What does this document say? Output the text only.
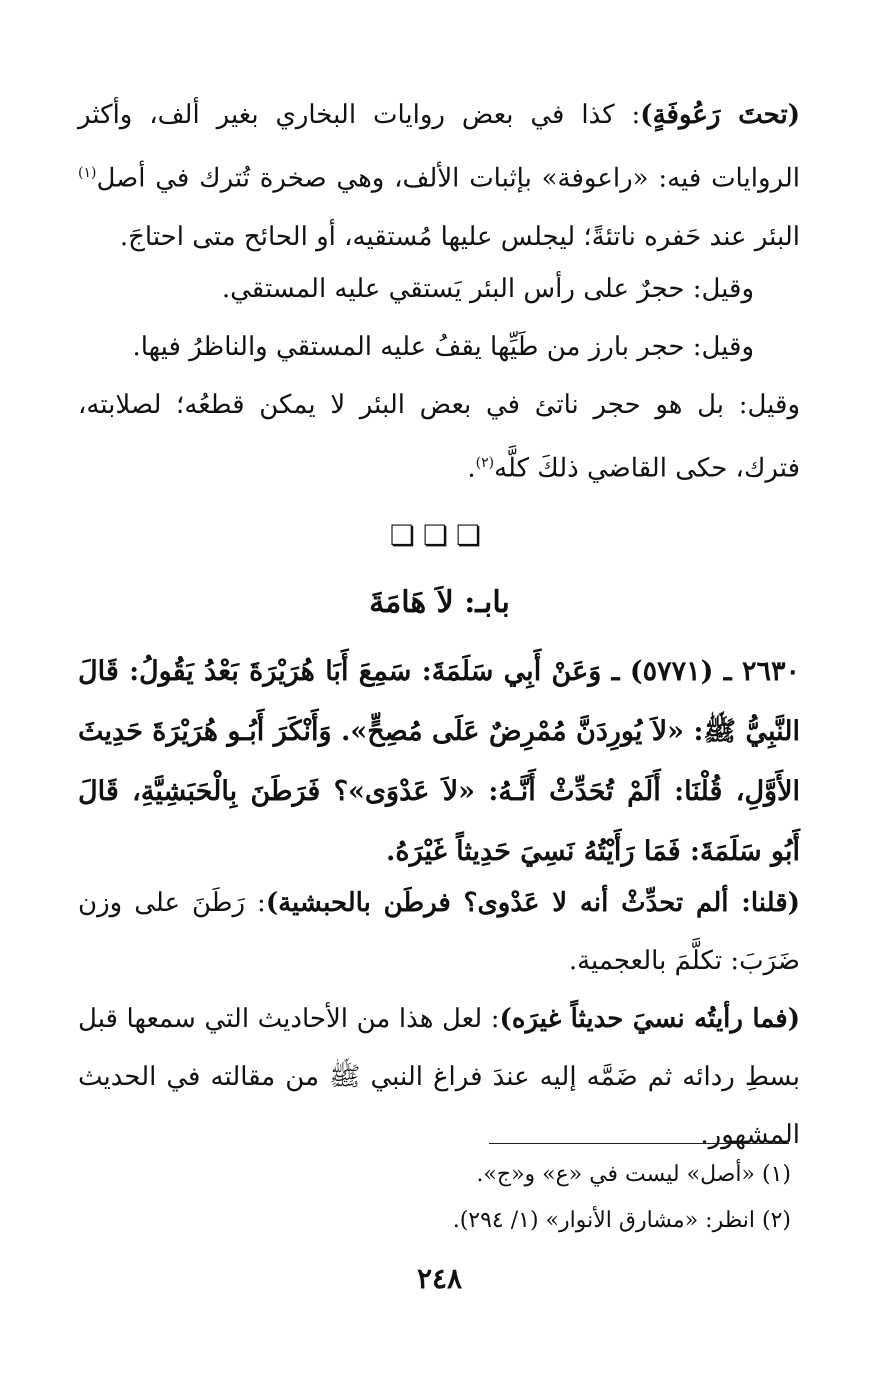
(تحتَ رَعُوفَةٍ): كذا في بعض روايات البخاري بغير ألف، وأكثر الروايات فيه: «راعوفة» بإثبات الألف، وهي صخرة تُترك في أصل$^{(١)}$ البئر عند حَفره ناتئةً؛ ليجلس عليها مُستقيه، أو الحائح متى احتاجَ.

وقيل: حجرٌ على رأس البئر يَستقي عليه المستقي.

وقيل: حجر بارز من طَيِّها يقفُ عليه المستقي والناظرُ فيها.

وقيل: بل هو حجر ناتئ في بعض البئر لا يمكن قطعُه؛ لصلابته، فترك، حكى القاضي ذلكَ كلَّه$^{(٢)}$.

❏❏❏

بابـ: لاَ هَامَةَ

٢٦٣٠ ـ (٥٧٧١) ـ وَعَنْ أَبِي سَلَمَةَ: سَمِعَ أَبَا هُرَيْرَةَ بَعْدُ يَقُولُ: قَالَ النَّبِيُّ ﷺ: «لاَ يُورِدَنَّ مُمْرِضٌ عَلَى مُصِحٍّ». وَأَنْكَرَ أَبُـو هُرَيْرَةَ حَدِيثَ الأَوَّلِ، قُلْنَا: أَلَمْ تُحَدِّثْ أَنَّـهُ: «لاَ عَدْوَى»؟ فَرَطَنَ بِالْحَبَشِيَّةِ، قَالَ أَبُو سَلَمَةَ: فَمَا رَأَيْتُهُ نَسِيَ حَدِيثاً غَيْرَهُ.

(قلنا: ألم تحدِّثْ أنه لا عَدْوى؟ فرطَن بالحبشية): رَطَنَ على وزن ضَرَبَ: تكلَّمَ بالعجمية.

(فما رأيتُه نسيَ حديثاً غيرَه): لعل هذا من الأحاديث التي سمعها قبل بسطِ ردائه ثم ضَمَّه إليه عندَ فراغ النبي ﷺ من مقالته في الحديث المشهور.

(١) «أصل» ليست في «ع» و«ج».

(٢) انظر: «مشارق الأنوار» (١/ ٢٩٤).

٢٤٨
